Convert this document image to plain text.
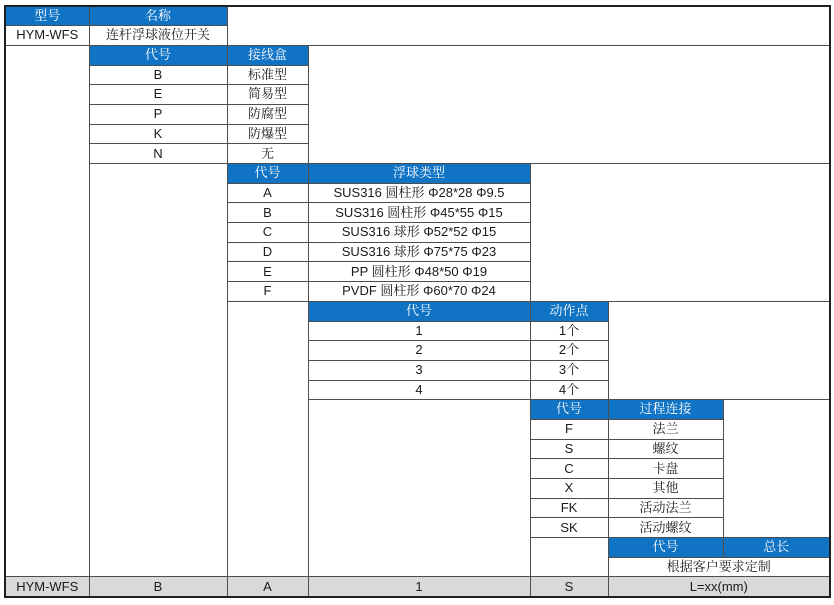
型号	名称					
HYM-WFS	连杆浮球液位开关					
	代号	接线盒				
	B	标准型				
	E	简易型				
	P	防腐型				
	K	防爆型				
	N	无				
		代号	浮球类型			
		A	SUS316 圆柱形 Φ28*28 Φ9.5			
		B	SUS316 圆柱形 Φ45*55 Φ15			
		C	SUS316 球形 Φ52*52 Φ15			
		D	SUS316 球形 Φ75*75 Φ23			
		E	PP 圆柱形 Φ48*50 Φ19			
		F	PVDF 圆柱形 Φ60*70 Φ24			
			代号	动作点		
			1	1个		
			2	2个		
			3	3个		
			4	4个		
				代号	过程连接	
				F	法兰	
				S	螺纹	
				C	卡盘	
				X	其他	
				FK	活动法兰	
				SK	活动螺纹	
					代号	总长
					根据客户要求定制	
HYM-WFS	B	A	1	S	L=xx(mm)	
